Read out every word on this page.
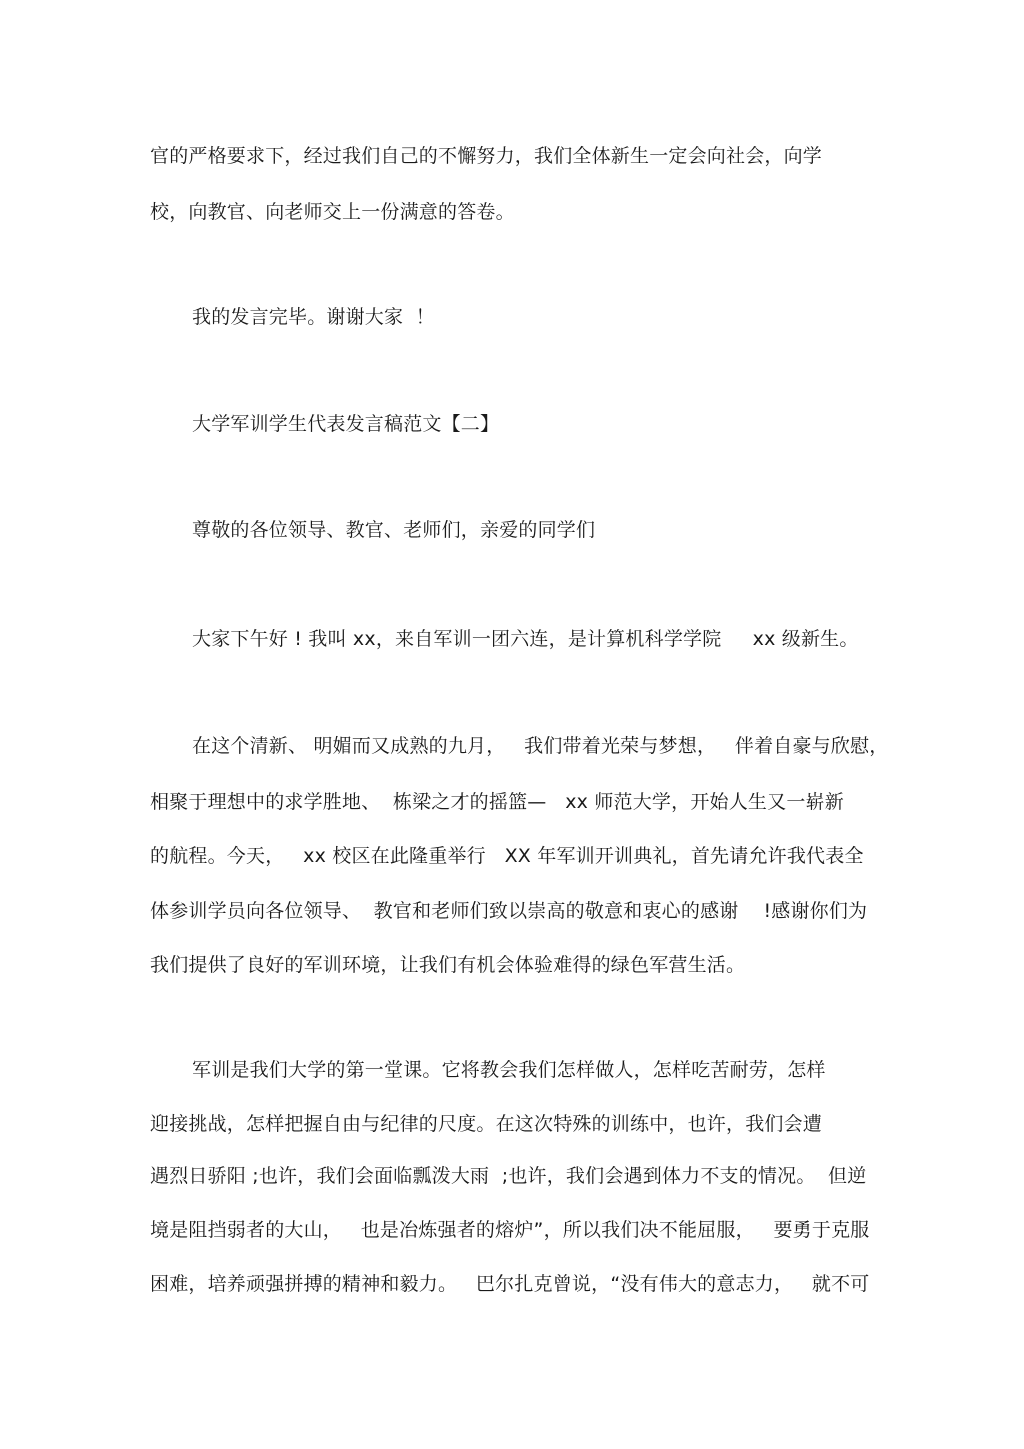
官的严格要求下，经过我们自己的不懈努力，我们全体新生一定会向社会，向学
校，向教官、向老师交上一份满意的答卷。
我的发言完毕。谢谢大家  ！
大学军训学生代表发言稿范文【二】
尊敬的各位领导、教官、老师们，亲爱的同学们
大家下午好 ! 我叫 xx，来自军训一团六连，是计算机科学学院     xx 级新生。
在这个清新、 明媚而又成熟的九月，   我们带着光荣与梦想，   伴着自豪与欣慰，
相聚于理想中的求学胜地、  栋梁之才的摇篮—   xx 师范大学，开始人生又一崭新
的航程。今天，   xx 校区在此隆重举行   XX 年军训开训典礼，首先请允许我代表全
体参训学员向各位领导、  教官和老师们致以崇高的敬意和衷心的感谢    !感谢你们为
我们提供了良好的军训环境，让我们有机会体验难得的绿色军营生活。
军训是我们大学的第一堂课。它将教会我们怎样做人，怎样吃苦耐劳，怎样
迎接挑战，怎样把握自由与纪律的尺度。在这次特殊的训练中，也许，我们会遭
遇烈日骄阳 ;也许，我们会面临瓢泼大雨  ;也许，我们会遇到体力不支的情况。  但逆
境是阻挡弱者的大山，   也是冶炼强者的熔炉”，所以我们决不能屈服，   要勇于克服
困难，培养顽强拼搏的精神和毅力。   巴尔扎克曾说，“没有伟大的意志力，   就不可
